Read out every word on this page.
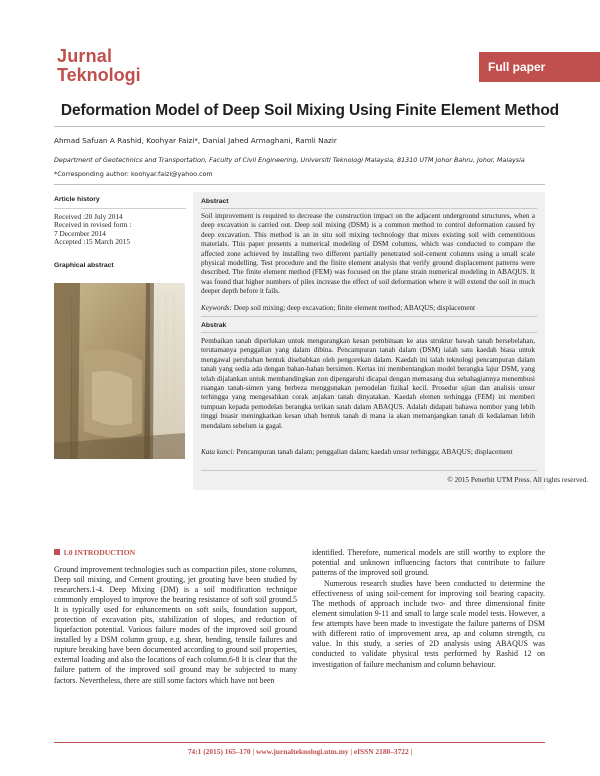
Jurnal
Teknologi	Full paper
Deformation Model of Deep Soil Mixing Using Finite Element Method
Ahmad Safuan A Rashid, Koohyar Faizi*, Danial Jahed Armaghani, Ramli Nazir
Department of Geotechnics and Transportation, Faculty of Civil Engineering, Universiti Teknologi Malaysia, 81310 UTM Johor Bahru, Johor, Malaysia
*Corresponding author: koohyar.faizi@yahoo.com
Article history
Received :20 July 2014
Received in revised form :
7 December 2014
Accepted :15 March 2015
Graphical abstract
Abstract
Soil improvement is required to decrease the construction impact on the adjacent underground structures, when a deep excavation is carried out. Deep soil mixing (DSM) is a common method to control deformation caused by deep excavation. This method is an in situ soil mixing technology that mixes existing soil with cementitious materials. This paper presents a numerical modeling of DSM columns, which was conducted to compare the affected zone achieved by installing two different partially penetrated soil-cement columns using a small scale physical modelling. Test procedure and the finite element analysis that verify ground displacement patterns were described. The finite element method (FEM) was focused on the plane strain numerical modeling in ABAQUS. It was found that higher numbers of piles increase the effect of soil deformation where it will extend the soil in much deeper depth before it fails.
Keywords: Deep soil mixing; deep excavation; finite element method; ABAQUS; displacement
Abstrak
Pembaikan tanah diperlukan untuk mengurangkan kesan pembinaan ke atas struktur bawah tanah bersebelahan, terutamanya penggalian yang dalam dibina. Pencampuran tanah dalam (DSM) ialah satu kaedah biasa untuk mengawal perubahan bentuk disebabkan oleh pengorekan dalam. Kaedah ini ialah teknologi pencampuran dalam tanah yang sedia ada dengan bahan-bahan bersimen. Kertas ini membentangkan model berangka lajur DSM, yang telah dijalankan untuk membandingkan zon dipengaruhi dicapai dengan memasang dua sebahagiannya menembusi ruangan tanah-simen yang berbeza menggunakan pemodelan fizikal kecil. Prosedur ujian dan analisis unsur terhingga yang mengesahkan corak anjakan tanah dinyatakan. Kaedah elemen terhingga (FEM) ini memberi tumpuan kepada pemodelan berangka terikan satah dalam ABAQUS. Adalah didapati bahawa nombor yang lebih tinggi buasir meningkatkan kesan ubah bentuk tanah di mana ia akan memanjangkan tanah di kedalaman lebih mendalam sebelum ia gagal.
Kata kunci: Pencampuran tanah dalam; penggalian dalam; kaedah unsur terhingga; ABAQUS; displacement
© 2015 Penerbit UTM Press. All rights reserved.
1.0 INTRODUCTION
Ground improvement technologies such as compaction piles, stone columns, Deep soil mixing, and Cement grouting, jet grouting have been studied by researchers.1-4. Deep Mixing (DM) is a soil modification technique commonly employed to improve the bearing resistance of soft soil ground.5 It is typically used for enhancements on soft soils, foundation support, protection of excavation pits, stabilization of slopes, and reduction of liquefaction potential. Various failure modes of the improved soil ground installed by a DSM column group, e.g. shear, bending, tensile failures and rupture breaking have been documented according to ground soil properties, external loading and also the locations of each column.6-8 It is clear that the failure pattern of the improved soil ground may be subjected to many factors. Nevertheless, there are still some factors which have not been

identified. Therefore, numerical models are still worthy to explore the potential and unknown influencing factors that contribute to failure patterns of the improved soil ground.

Numerous research studies have been conducted to determine the effectiveness of using soil-cement for improving soil bearing capacity. The methods of approach include two- and three dimensional finite element simulation 9-11 and small to large scale model tests. However, a few attempts have been made to investigate the failure patterns of DSM with different ratio of improvement area, ap and column strength, cu value. In this study, a series of 2D analysis using ABAQUS was conducted to validate physical tests performed by Rashid 12 on investigation of failure mechanism and column behaviour.

74:1 (2015) 165–170 | www.jurnalteknologi.utm.my | eISSN 2180–3722 |
